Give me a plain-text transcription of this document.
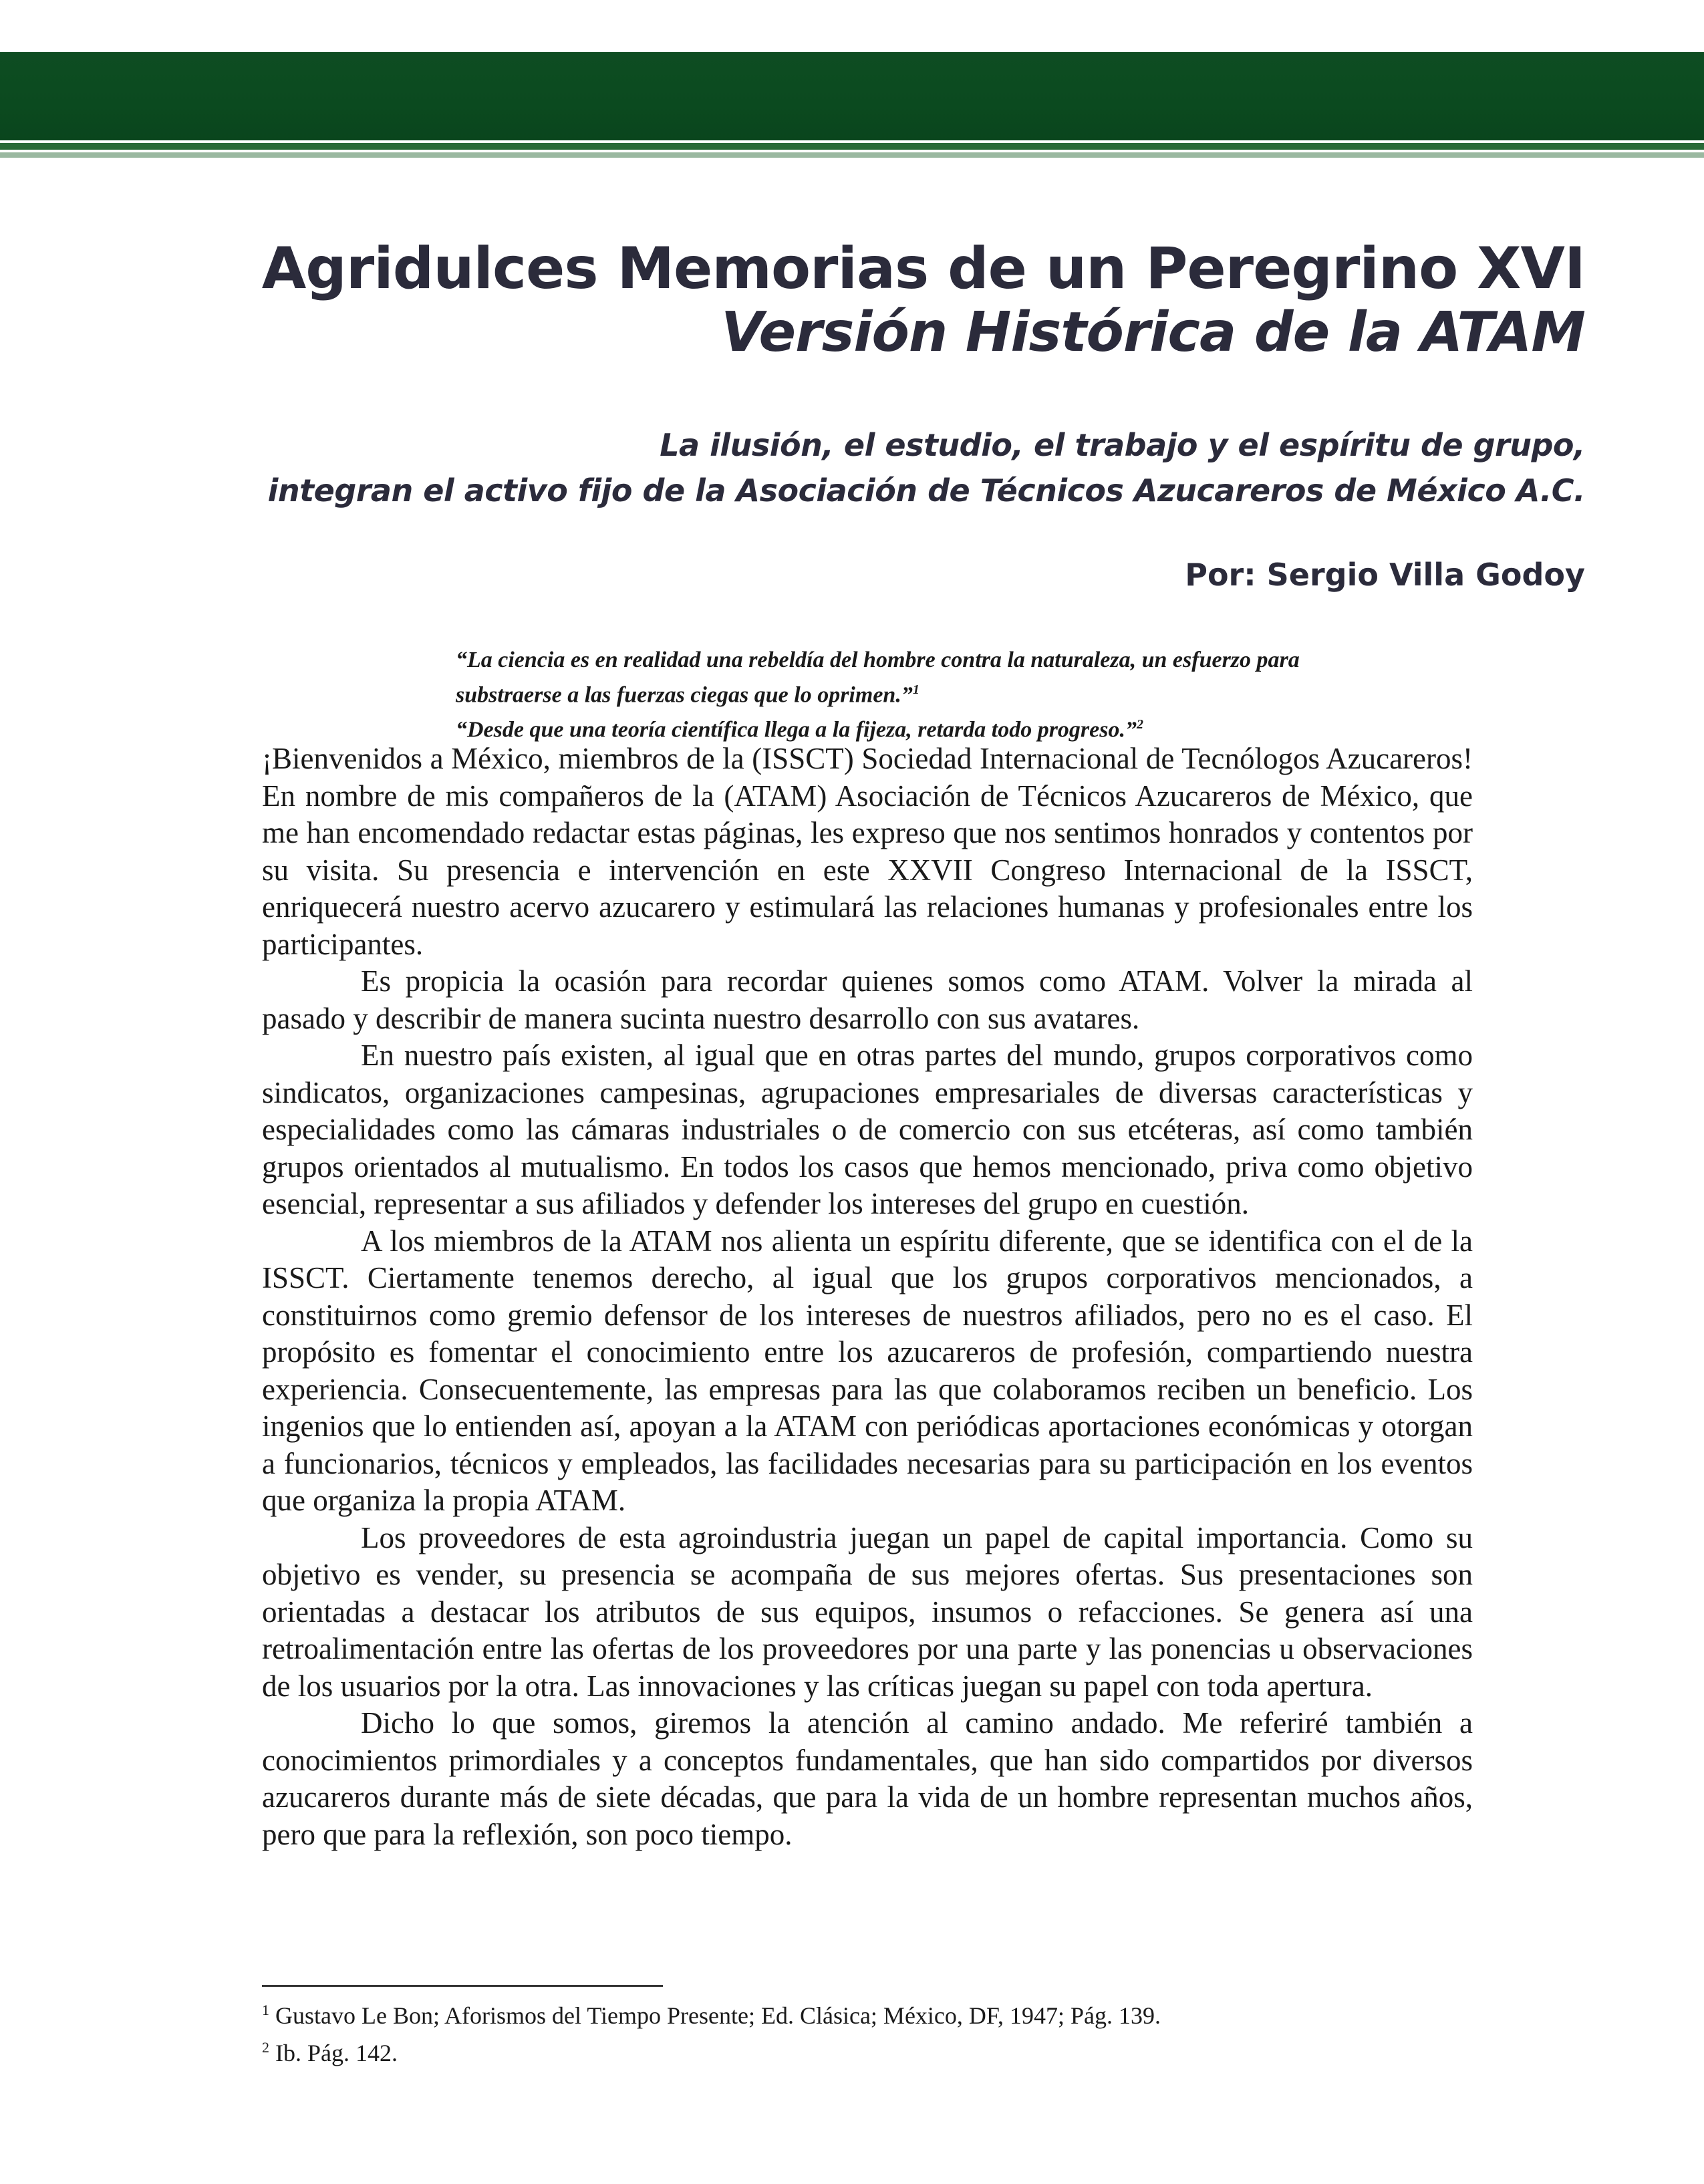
Agridulces Memorias de un Peregrino XVI
Versión Histórica de la ATAM
La ilusión, el estudio, el trabajo y el espíritu de grupo,
integran el activo fijo de la Asociación de Técnicos Azucareros de México A.C.
Por: Sergio Villa Godoy

“La ciencia es en realidad una rebeldía del hombre contra la naturaleza, un esfuerzo para substraerse a las fuerzas ciegas que lo oprimen.”$^1$

“Desde que una teoría científica llega a la fijeza, retarda todo progreso.”$^2$

¡Bienvenidos a México, miembros de la (ISSCT) Sociedad Internacional de Tecnólogos Azucareros! En nombre de mis compañeros de la (ATAM) Asociación de Técnicos Azucareros de México, que me han encomendado redactar estas páginas, les expreso que nos sentimos honrados y contentos por su visita. Su presencia e intervención en este XXVII Congreso Internacional de la ISSCT, enriquecerá nuestro acervo azucarero y estimulará las relaciones humanas y profesionales entre los participantes.

Es propicia la ocasión para recordar quienes somos como ATAM. Volver la mirada al pasado y describir de manera sucinta nuestro desarrollo con sus avatares.

En nuestro país existen, al igual que en otras partes del mundo, grupos corporativos como sindicatos, organizaciones campesinas, agrupaciones empresariales de diversas características y especialidades como las cámaras industriales o de comercio con sus etcéteras, así como también grupos orientados al mutualismo. En todos los casos que hemos mencionado, priva como objetivo esencial, representar a sus afiliados y defender los intereses del grupo en cuestión.

A los miembros de la ATAM nos alienta un espíritu diferente, que se identifica con el de la ISSCT. Ciertamente tenemos derecho, al igual que los grupos corporativos mencionados, a constituirnos como gremio defensor de los intereses de nuestros afiliados, pero no es el caso. El propósito es fomentar el conocimiento entre los azucareros de profesión, compartiendo nuestra experiencia. Consecuentemente, las empresas para las que colaboramos reciben un beneficio. Los ingenios que lo entienden así, apoyan a la ATAM con periódicas aportaciones económicas y otorgan a funcionarios, técnicos y empleados, las facilidades necesarias para su participación en los eventos que organiza la propia ATAM.

Los proveedores de esta agroindustria juegan un papel de capital importancia. Como su objetivo es vender, su presencia se acompaña de sus mejores ofertas. Sus presentaciones son orientadas a destacar los atributos de sus equipos, insumos o refacciones. Se genera así una retroalimentación entre las ofertas de los proveedores por una parte y las ponencias u observaciones de los usuarios por la otra. Las innovaciones y las críticas juegan su papel con toda apertura.

Dicho lo que somos, giremos la atención al camino andado. Me referiré también a conocimientos primordiales y a conceptos fundamentales, que han sido compartidos por diversos azucareros durante más de siete décadas, que para la vida de un hombre representan muchos años, pero que para la reflexión, son poco tiempo.

$^1$ Gustavo Le Bon; Aforismos del Tiempo Presente; Ed. Clásica; México, DF, 1947; Pág. 139.

$^2$ Ib. Pág. 142.
